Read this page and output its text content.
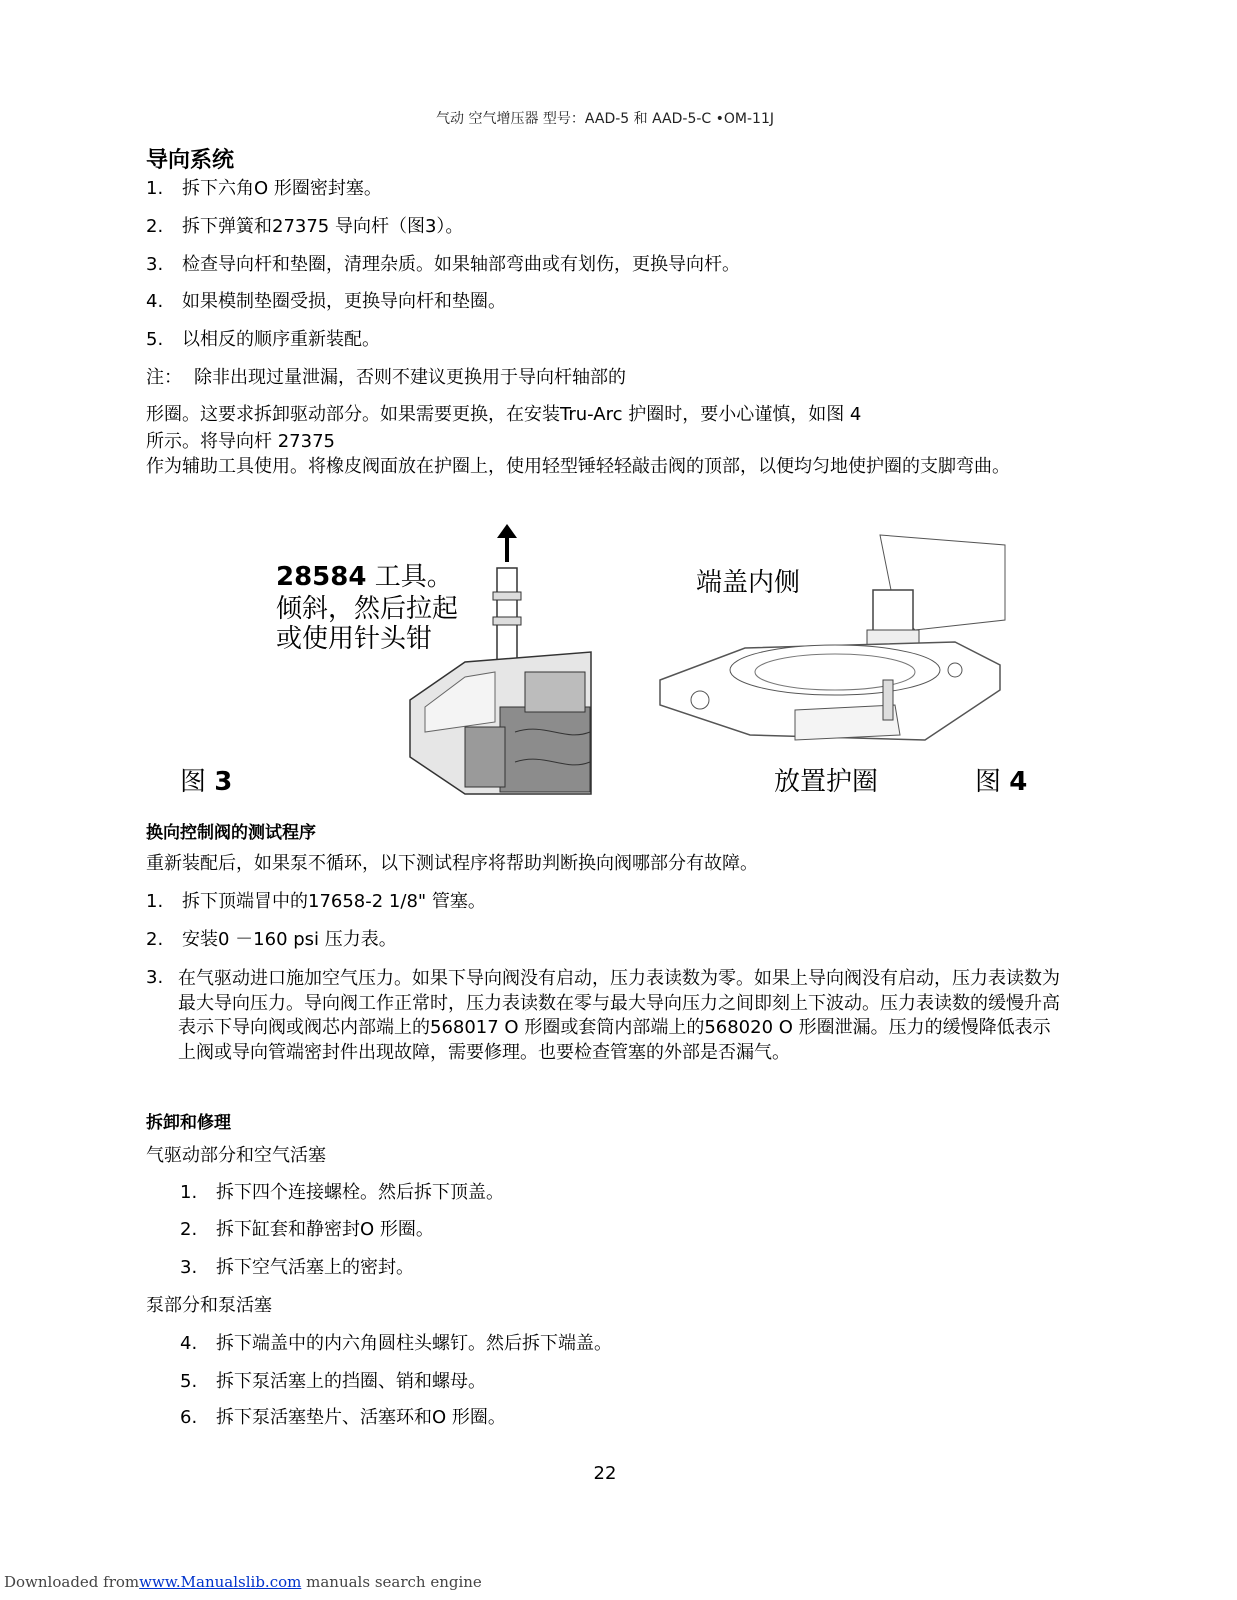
气动 空气增压器 型号：AAD-5 和 AAD-5-C •OM-11J
导向系统
1. 拆下六角O 形圈密封塞。
2. 拆下弹簧和27375 导向杆（图3）。
3. 检查导向杆和垫圈，清理杂质。如果轴部弯曲或有划伤，更换导向杆。
4. 如果模制垫圈受损，更换导向杆和垫圈。
5. 以相反的顺序重新装配。
注： 除非出现过量泄漏，否则不建议更换用于导向杆轴部的
形圈。这要求拆卸驱动部分。如果需要更换，在安装Tru-Arc 护圈时，要小心谨慎，如图 4
所示。将导向杆 27375
作为辅助工具使用。将橡皮阀面放在护圈上，使用轻型锤轻轻敲击阀的顶部，以便均匀地使护圈的支脚弯曲。
28584 工具。
倾斜，然后拉起
或使用针头钳
图 3
端盖内侧
放置护圈	图 4
换向控制阀的测试程序
重新装配后，如果泵不循环，以下测试程序将帮助判断换向阀哪部分有故障。
1. 拆下顶端冒中的17658-2 1/8" 管塞。
2. 安装0 －160 psi 压力表。
3. 在气驱动进口施加空气压力。如果下导向阀没有启动，压力表读数为零。如果上导向阀没有启动，压力表读数为最大导向压力。导向阀工作正常时，压力表读数在零与最大导向压力之间即刻上下波动。压力表读数的缓慢升高表示下导向阀或阀芯内部端上的568017 O 形圈或套筒内部端上的568020 O 形圈泄漏。压力的缓慢降低表示上阀或导向管端密封件出现故障，需要修理。也要检查管塞的外部是否漏气。
拆卸和修理
气驱动部分和空气活塞
1. 拆下四个连接螺栓。然后拆下顶盖。
2. 拆下缸套和静密封O 形圈。
3. 拆下空气活塞上的密封。
泵部分和泵活塞
4. 拆下端盖中的内六角圆柱头螺钉。然后拆下端盖。
5. 拆下泵活塞上的挡圈、销和螺母。
6. 拆下泵活塞垫片、活塞环和O 形圈。
22
Downloaded fromwww.Manualslib.com manuals search engine
